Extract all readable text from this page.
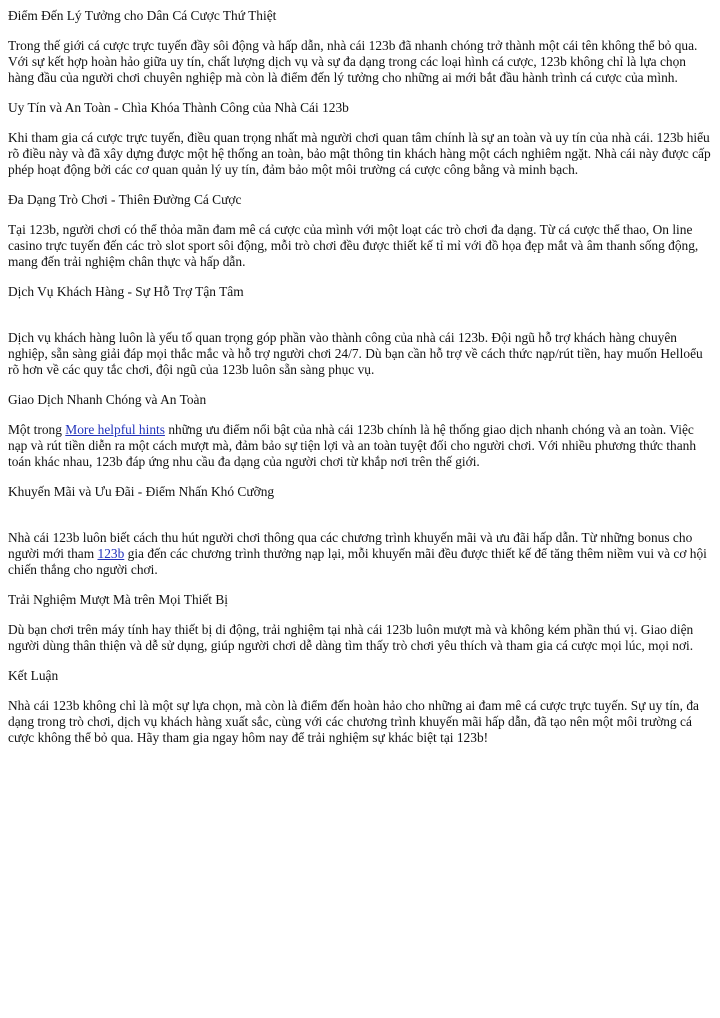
Điểm Đến Lý Tưởng cho Dân Cá Cược Thứ Thiệt

Trong thế giới cá cược trực tuyến đầy sôi động và hấp dẫn, nhà cái 123b đã nhanh chóng trở thành một cái tên không thể bỏ qua. Với sự kết hợp hoàn hảo giữa uy tín, chất lượng dịch vụ và sự đa dạng trong các loại hình cá cược, 123b không chỉ là lựa chọn hàng đầu của người chơi chuyên nghiệp mà còn là điểm đến lý tưởng cho những ai mới bắt đầu hành trình cá cược của mình.

Uy Tín và An Toàn - Chìa Khóa Thành Công của Nhà Cái 123b

Khi tham gia cá cược trực tuyến, điều quan trọng nhất mà người chơi quan tâm chính là sự an toàn và uy tín của nhà cái. 123b hiểu rõ điều này và đã xây dựng được một hệ thống an toàn, bảo mật thông tin khách hàng một cách nghiêm ngặt. Nhà cái này được cấp phép hoạt động bởi các cơ quan quản lý uy tín, đảm bảo một môi trường cá cược công bằng và minh bạch.

Đa Dạng Trò Chơi - Thiên Đường Cá Cược

Tại 123b, người chơi có thể thỏa mãn đam mê cá cược của mình với một loạt các trò chơi đa dạng. Từ cá cược thể thao, On line casino trực tuyến đến các trò slot sport sôi động, mỗi trò chơi đều được thiết kế tỉ mỉ với đồ họa đẹp mắt và âm thanh sống động, mang đến trải nghiệm chân thực và hấp dẫn.

Dịch Vụ Khách Hàng - Sự Hỗ Trợ Tận Tâm

Dịch vụ khách hàng luôn là yếu tố quan trọng góp phần vào thành công của nhà cái 123b. Đội ngũ hỗ trợ khách hàng chuyên nghiệp, sẵn sàng giải đáp mọi thắc mắc và hỗ trợ người chơi 24/7. Dù bạn cần hỗ trợ về cách thức nạp/rút tiền, hay muốn Helloểu rõ hơn về các quy tắc chơi, đội ngũ của 123b luôn sẵn sàng phục vụ.

Giao Dịch Nhanh Chóng và An Toàn

Một trong More helpful hints những ưu điểm nổi bật của nhà cái 123b chính là hệ thống giao dịch nhanh chóng và an toàn. Việc nạp và rút tiền diễn ra một cách mượt mà, đảm bảo sự tiện lợi và an toàn tuyệt đối cho người chơi. Với nhiều phương thức thanh toán khác nhau, 123b đáp ứng nhu cầu đa dạng của người chơi từ khắp nơi trên thế giới.

Khuyến Mãi và Ưu Đãi - Điểm Nhấn Khó Cưỡng

Nhà cái 123b luôn biết cách thu hút người chơi thông qua các chương trình khuyến mãi và ưu đãi hấp dẫn. Từ những bonus cho người mới tham 123b gia đến các chương trình thưởng nạp lại, mỗi khuyến mãi đều được thiết kế để tăng thêm niềm vui và cơ hội chiến thắng cho người chơi.

Trải Nghiệm Mượt Mà trên Mọi Thiết Bị

Dù bạn chơi trên máy tính hay thiết bị di động, trải nghiệm tại nhà cái 123b luôn mượt mà và không kém phần thú vị. Giao diện người dùng thân thiện và dễ sử dụng, giúp người chơi dễ dàng tìm thấy trò chơi yêu thích và tham gia cá cược mọi lúc, mọi nơi.

Kết Luận

Nhà cái 123b không chỉ là một sự lựa chọn, mà còn là điểm đến hoàn hảo cho những ai đam mê cá cược trực tuyến. Sự uy tín, đa dạng trong trò chơi, dịch vụ khách hàng xuất sắc, cùng với các chương trình khuyến mãi hấp dẫn, đã tạo nên một môi trường cá cược không thể bỏ qua. Hãy tham gia ngay hôm nay để trải nghiệm sự khác biệt tại 123b!
